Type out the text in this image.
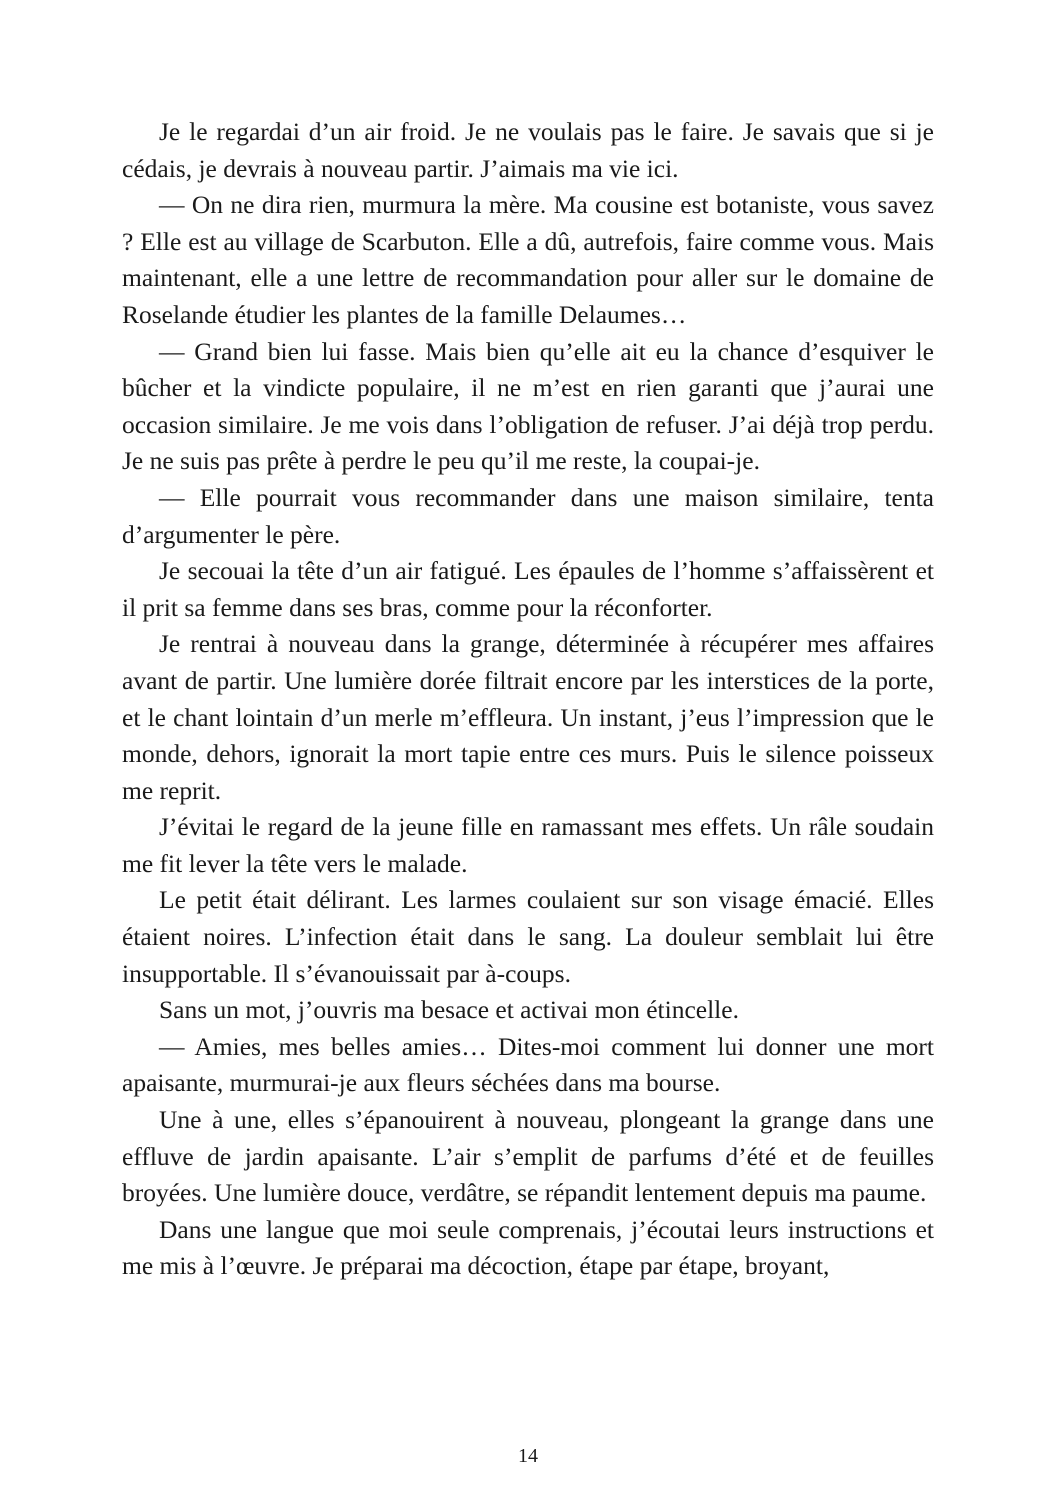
Je le regardai d’un air froid. Je ne voulais pas le faire. Je savais que si je cédais, je devrais à nouveau partir. J’aimais ma vie ici.

— On ne dira rien, murmura la mère. Ma cousine est botaniste, vous savez ? Elle est au village de Scarbuton. Elle a dû, autrefois, faire comme vous. Mais maintenant, elle a une lettre de recommandation pour aller sur le domaine de Roselande étudier les plantes de la famille Delaumes…

— Grand bien lui fasse. Mais bien qu’elle ait eu la chance d’esquiver le bûcher et la vindicte populaire, il ne m’est en rien garanti que j’aurai une occasion similaire. Je me vois dans l’obligation de refuser. J’ai déjà trop perdu. Je ne suis pas prête à perdre le peu qu’il me reste, la coupai-je.

— Elle pourrait vous recommander dans une maison similaire, tenta d’argumenter le père.

Je secouai la tête d’un air fatigué. Les épaules de l’homme s’affaissèrent et il prit sa femme dans ses bras, comme pour la réconforter.

Je rentrai à nouveau dans la grange, déterminée à récupérer mes affaires avant de partir. Une lumière dorée filtrait encore par les interstices de la porte, et le chant lointain d’un merle m’effleura. Un instant, j’eus l’impression que le monde, dehors, ignorait la mort tapie entre ces murs. Puis le silence poisseux me reprit.

J’évitai le regard de la jeune fille en ramassant mes effets. Un râle soudain me fit lever la tête vers le malade.

Le petit était délirant. Les larmes coulaient sur son visage émacié. Elles étaient noires. L’infection était dans le sang. La douleur semblait lui être insupportable. Il s’évanouissait par à-coups.

Sans un mot, j’ouvris ma besace et activai mon étincelle.

— Amies, mes belles amies… Dites-moi comment lui donner une mort apaisante, murmurai-je aux fleurs séchées dans ma bourse.

Une à une, elles s’épanouirent à nouveau, plongeant la grange dans une effluve de jardin apaisante. L’air s’emplit de parfums d’été et de feuilles broyées. Une lumière douce, verdâtre, se répandit lentement depuis ma paume.

Dans une langue que moi seule comprenais, j’écoutai leurs instructions et me mis à l’œuvre. Je préparai ma décoction, étape par étape, broyant,

14
